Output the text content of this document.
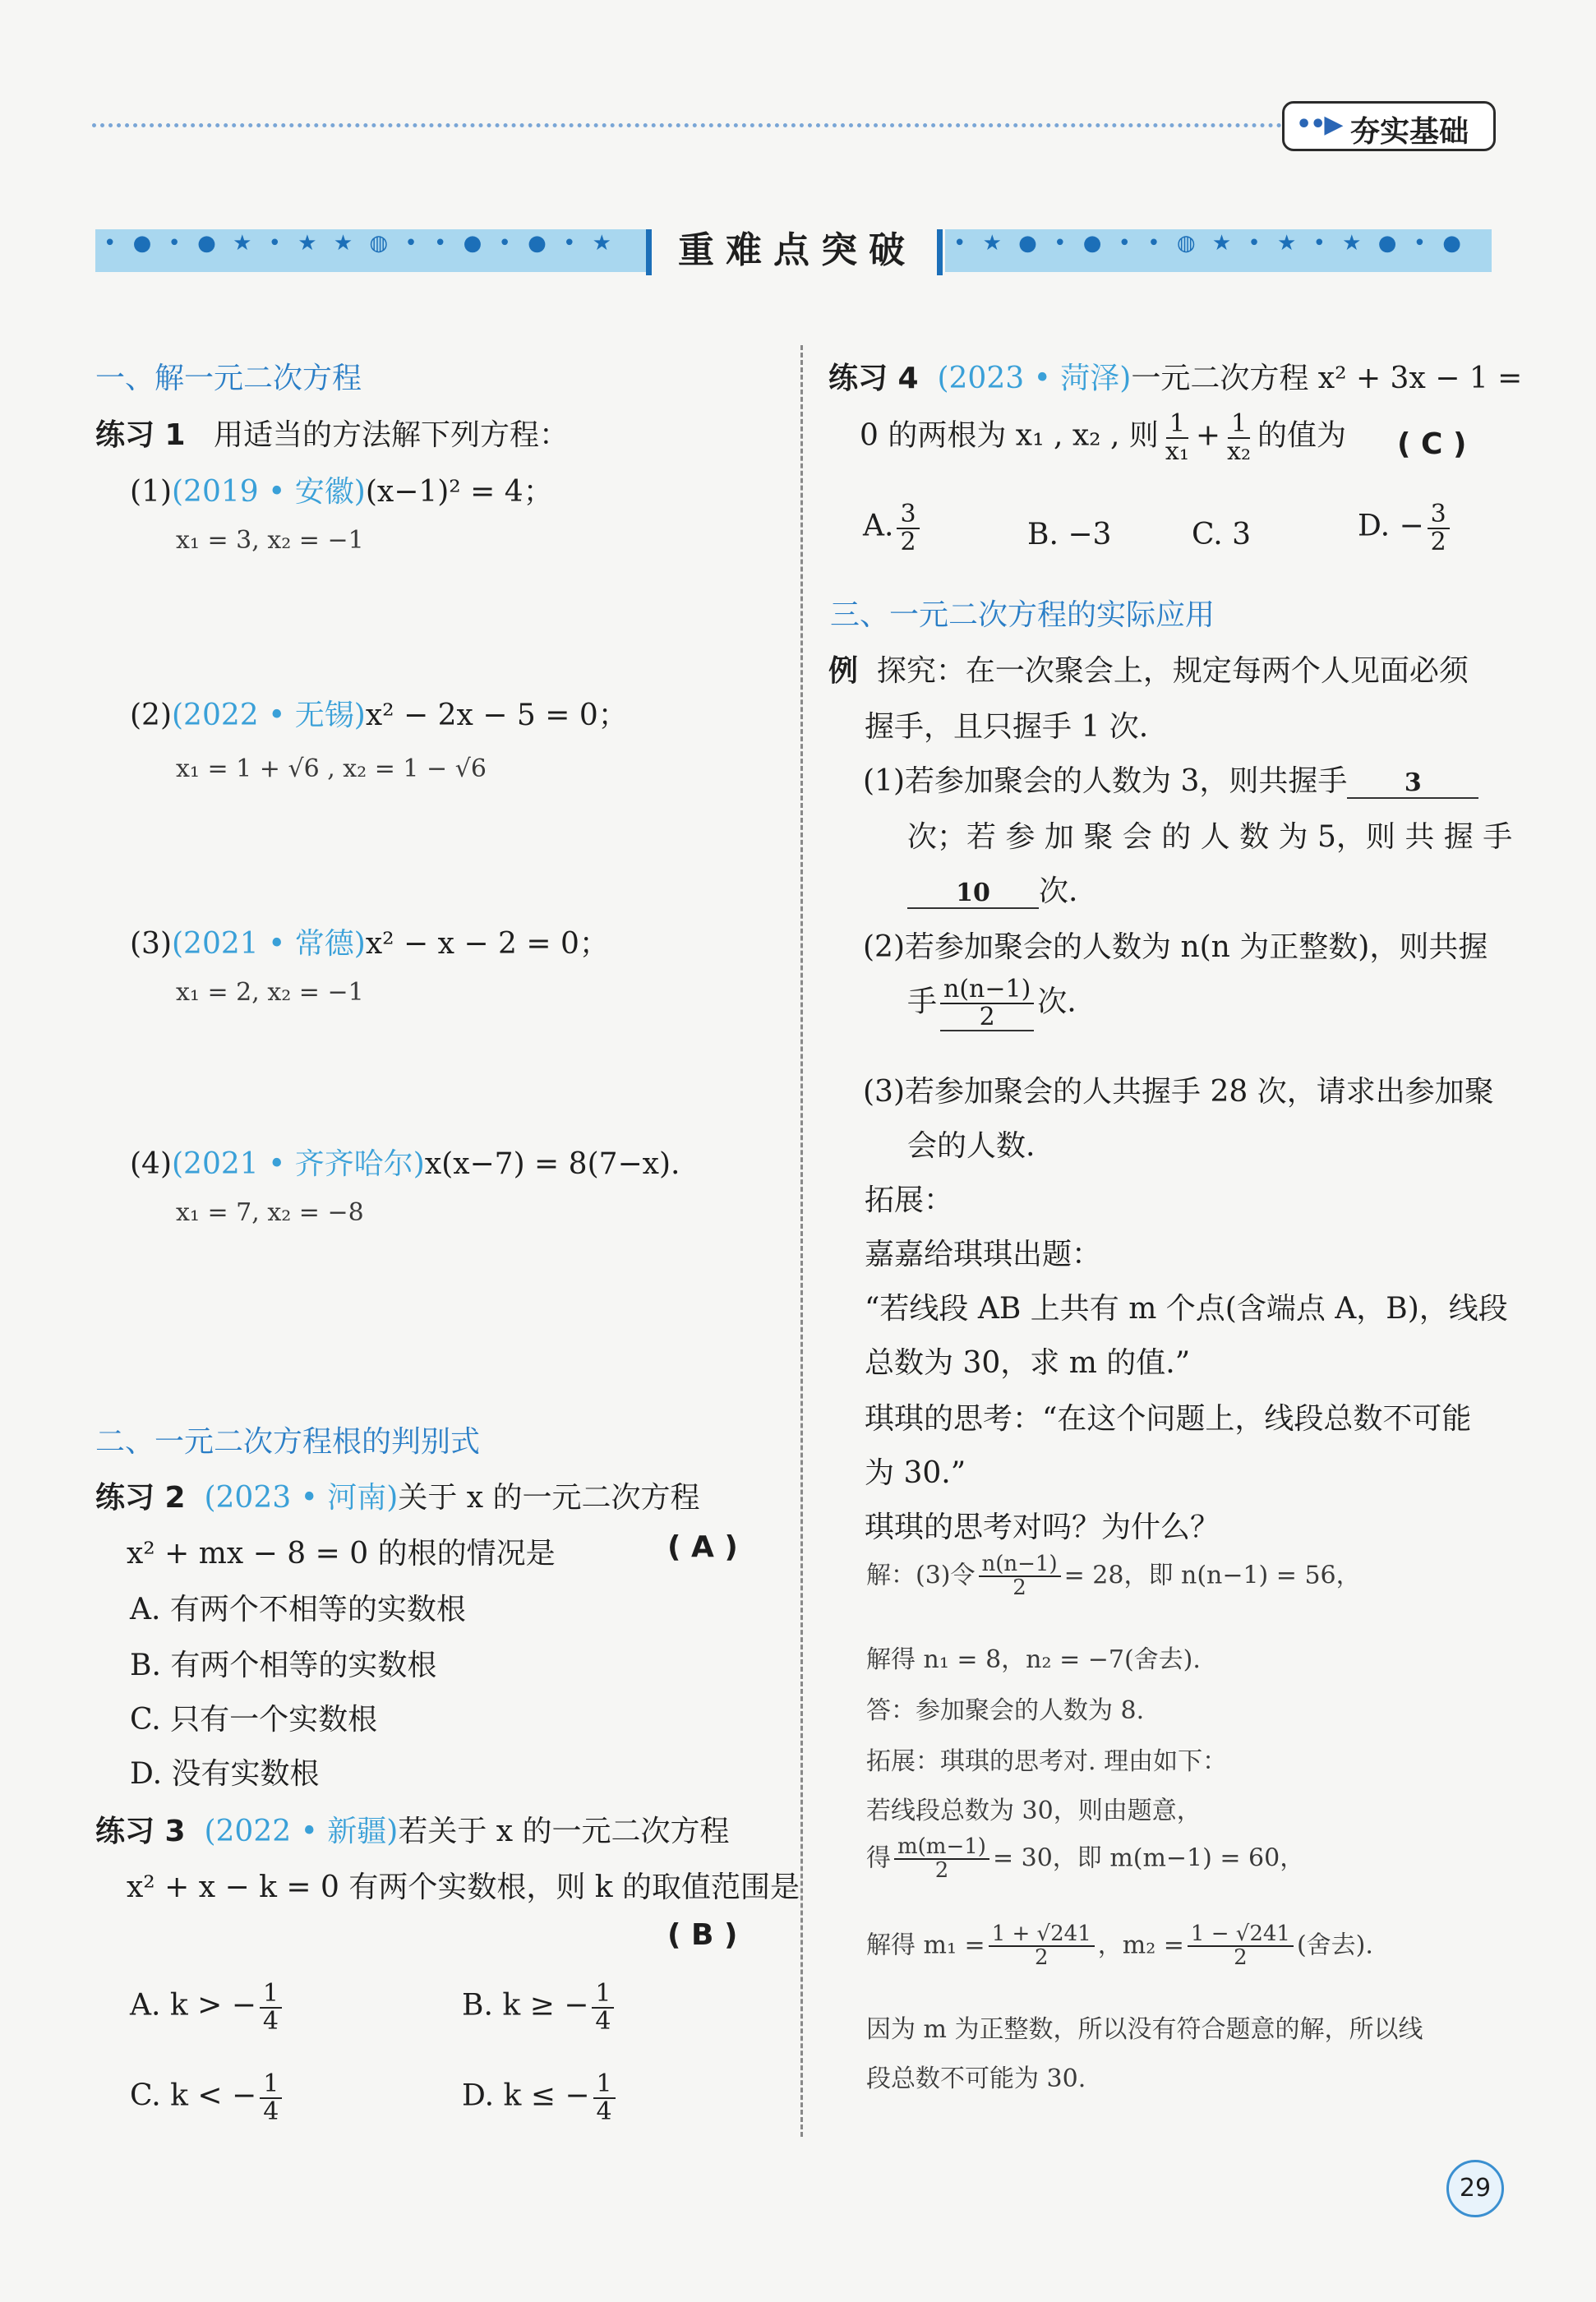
••▶ 夯实基础
• ● • ● ★ • ★ ★ ◍ • • ● • ● • ★	重难点突破	• ★ ● • ● • • ◍ ★ • ★ • ★ ● • ●
一、解一元二次方程
练习 1 用适当的方法解下列方程：
(1)(2019 • 安徽)(x−1)² = 4；
x₁ = 3, x₂ = −1
(2)(2022 • 无锡)x² − 2x − 5 = 0；
x₁ = 1 + √6 , x₂ = 1 − √6
(3)(2021 • 常德)x² − x − 2 = 0；
x₁ = 2, x₂ = −1
(4)(2021 • 齐齐哈尔)x(x−7) = 8(7−x).
x₁ = 7, x₂ = −8
二、一元二次方程根的判别式
练习 2 (2023 • 河南)关于 x 的一元二次方程
x² + mx − 8 = 0 的根的情况是	( A )
A. 有两个不相等的实数根
B. 有两个相等的实数根
C. 只有一个实数根
D. 没有实数根
练习 3 (2022 • 新疆)若关于 x 的一元二次方程
x² + x − k = 0 有两个实数根，则 k 的取值范围是
( B )
A. k > − $\frac{1}{4}$	B. k ≥ − $\frac{1}{4}$
C. k < − $\frac{1}{4}$	D. k ≤ − $\frac{1}{4}$
练习 4 (2023 • 菏泽)一元二次方程 x² + 3x − 1 =
0 的两根为 x₁ , x₂ , 则 $\frac{1}{\text{x₁}} + \frac{1}{\text{x₂}}$ 的值为 ( C )
A. $\frac{3}{2}$	B. −3	C. 3	D. − $\frac{3}{2}$
三、一元二次方程的实际应用
例 探究：在一次聚会上，规定每两个人见面必须
握手，且只握手 1 次.
(1)若参加聚会的人数为 3，则共握手 3
次；若 参 加 聚 会 的 人 数 为 5，则 共 握 手
10 次.
(2)若参加聚会的人数为 n(n 为正整数)，则共握
手 $\frac{n(n-1)}{2}$ 次.
(3)若参加聚会的人共握手 28 次，请求出参加聚
会的人数.
拓展：
嘉嘉给琪琪出题：
“若线段 AB 上共有 m 个点(含端点 A，B)，线段
总数为 30，求 m 的值.”
琪琪的思考：“在这个问题上，线段总数不可能
为 30.”
琪琪的思考对吗？为什么？
解：(3)令 $\frac{n(n-1)}{2} = 28$，即 n(n−1) = 56，
解得 n₁ = 8，n₂ = −7(舍去).
答：参加聚会的人数为 8.
拓展：琪琪的思考对. 理由如下：
若线段总数为 30，则由题意，
得 $\frac{m(m-1)}{2} = 30$，即 m(m−1) = 60，
解得 $m_1 = \frac{1 + √241}{2}$ ，$m_2 = \frac{1 - √241}{2}$ (舍去).
因为 m 为正整数，所以没有符合题意的解，所以线
段总数不可能为 30.
29
